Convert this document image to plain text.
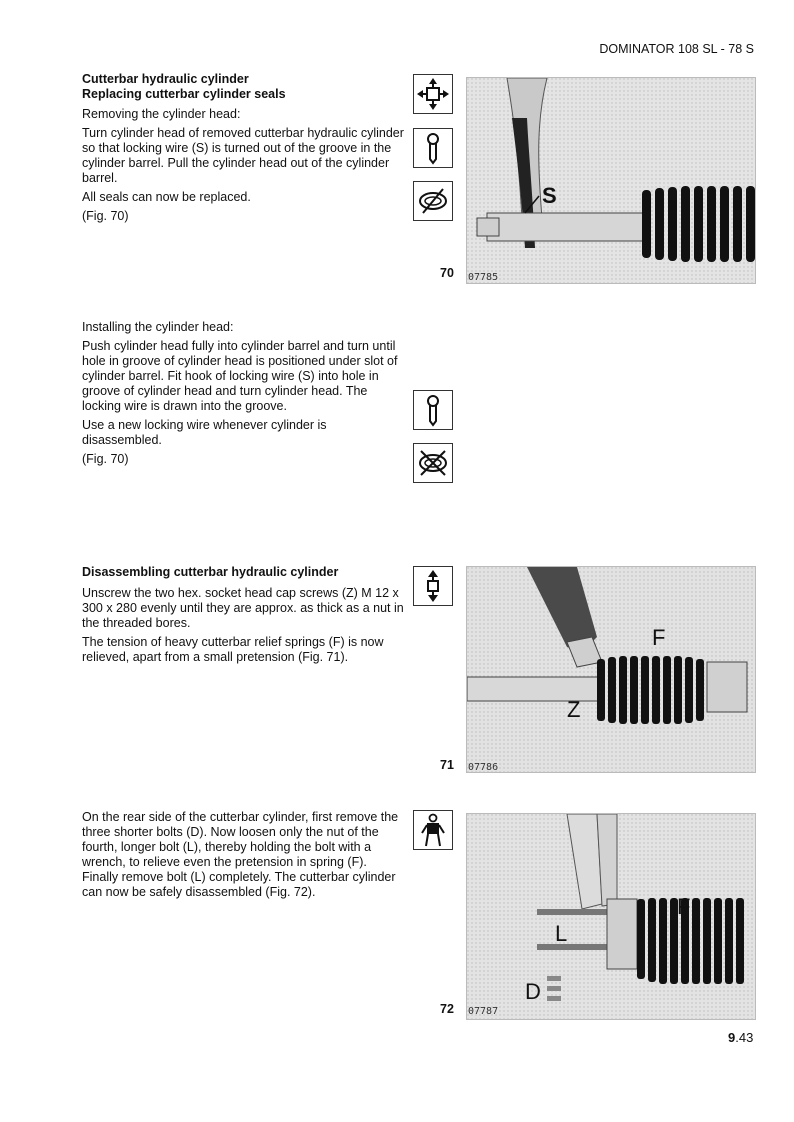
DOMINATOR 108 SL - 78 S
Cutterbar hydraulic cylinder
Replacing cutterbar cylinder seals

Removing the cylinder head:

Turn cylinder head of removed cutterbar hydraulic cylinder so that locking wire (S) is turned out of the groove in the cylinder barrel. Pull the cylinder head out of the cylinder barrel.

All seals can now be replaced.

(Fig. 70)

S
70 07785

Installing the cylinder head:

Push cylinder head fully into cylinder barrel and turn until hole in groove of cylinder head is positioned under slot of cylinder barrel. Fit hook of locking wire (S) into hole in groove of cylinder head and turn cylinder head. The locking wire is drawn into the groove.

Use a new locking wire whenever cylinder is disassembled.

(Fig. 70)

Disassembling cutterbar hydraulic cylinder

Unscrew the two hex. socket head cap screws (Z) M 12 x 300 x 280 evenly until they are approx. as thick as a nut in the threaded bores.

The tension of heavy cutterbar relief springs (F) is now relieved, apart from a small pretension (Fig. 71).

F
Z
71 07786

On the rear side of the cutterbar cylinder, first remove the three shorter bolts (D). Now loosen only the nut of the fourth, longer bolt (L), thereby holding the bolt with a wrench, to relieve even the pretension in spring (F). Finally remove bolt (L) completely. The cutterbar cylinder can now be safely disassembled (Fig. 72).

F
L
D
72 07787
9.43
